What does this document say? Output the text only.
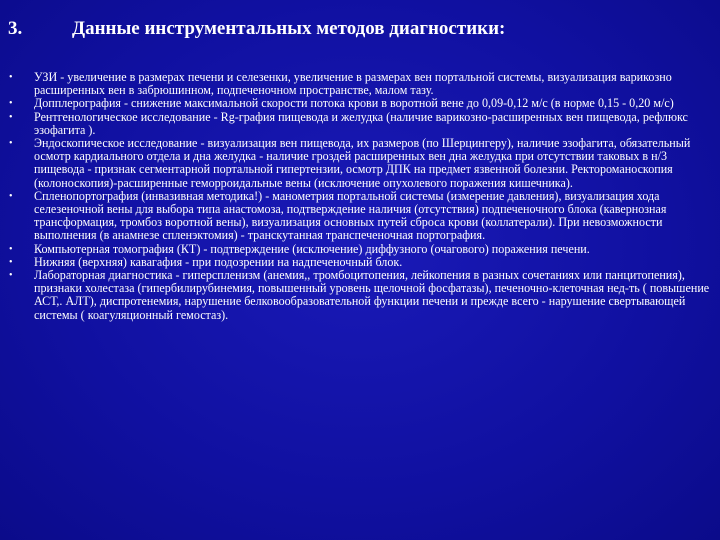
3.	Данные инструментальных методов диагностики:
• УЗИ - увеличение в размерах печени и селезенки, увеличение в размерах вен портальной системы, визуализация варикозно расширенных вен в забрюшинном, подпеченочном пространстве, малом тазу.
• Допплерография - снижение максимальной скорости потока крови в воротной вене до 0,09-0,12 м/с (в норме 0,15 - 0,20 м/с)
• Рентгенологическое исследование - Rg-графия пищевода и желудка (наличие варикозно-расширенных вен пищевода, рефлюкс эзофагита ).
• Эндоскопическое исследование - визуализация вен пищевода, их размеров (по Шерцингеру), наличие эзофагита, обязательный осмотр кардиального отдела и дна желудка - наличие гроздей расширенных вен дна желудка при отсутствии таковых в н/3 пищевода - признак сегментарной портальной гипертензии, осмотр ДПК на предмет язвенной болезни. Ректороманоскопия (колоноскопия)-расширенные геморроидальные вены (исключение опухолевого поражения кишечника).
• Спленопортография (инвазивная методика!) - манометрия портальной системы (измерение давления), визуализация хода селезеночной вены для выбора типа анастомоза, подтверждение наличия (отсутствия) подпеченочного блока (кавернозная трансформация, тромбоз воротной вены), визуализация основных путей сброса крови (коллатерали). При невозможности выполнения (в анамнезе спленэктомия) - транскутанная транспеченочная портография.
• Компьютерная томография (КТ) - подтверждение (исключение) диффузного (очагового) поражения печени.
• Нижняя (верхняя) кавагафия - при подозрении на надпеченочный блок.
• Лабораторная диагностика - гиперспленизм (анемия,, тромбоцитопения, лейкопения в разных сочетаниях или панцитопения), признаки холестаза (гипербилирубинемия, повышенный уровень щелочной фосфатазы), печеночно-клеточная нед-ть ( повышение АСТ,. АЛТ), диспротенемия, нарушение белковообразовательной функции печени и прежде всего - нарушение свертывающей системы ( коагуляционный гемостаз).
